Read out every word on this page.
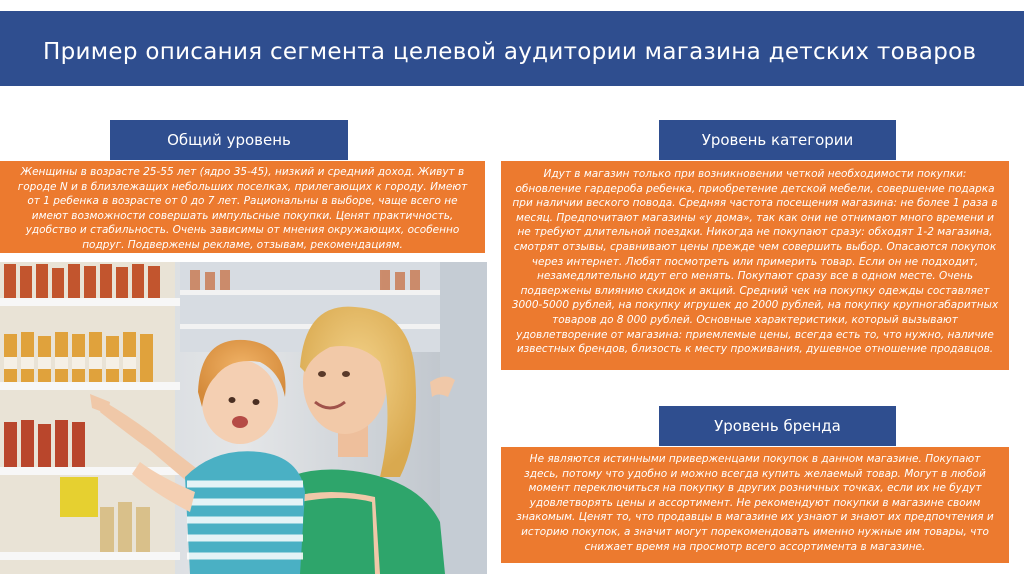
Пример описания сегмента целевой аудитории магазина детских товаров
Общий уровень
Женщины в возрасте 25-55 лет (ядро 35-45), низкий и средний доход. Живут в городе N и в близлежащих небольших поселках, прилегающих к городу. Имеют от 1 ребенка в возрасте от 0 до 7 лет. Рациональны в выборе, чаще всего не имеют возможности совершать импульсные покупки. Ценят практичность, удобство и стабильность. Очень зависимы от мнения окружающих, особенно подруг. Подвержены рекламе, отзывам, рекомендациям.
Уровень категории
Идут в магазин только при возникновении четкой необходимости покупки: обновление гардероба ребенка, приобретение детской мебели, совершение подарка при наличии веского повода. Средняя частота посещения магазина: не более 1 раза в месяц. Предпочитают магазины «у дома», так как они не отнимают много времени и не требуют длительной поездки. Никогда не покупают сразу: обходят 1-2 магазина, смотрят отзывы, сравнивают цены прежде чем совершить выбор. Опасаются покупок через интернет. Любят посмотреть или примерить товар. Если он не подходит, незамедлительно идут его менять. Покупают сразу все в одном месте. Очень подвержены влиянию скидок и акций. Средний чек на покупку одежды составляет 3000-5000 рублей, на покупку игрушек до 2000 рублей, на покупку крупногабаритных товаров до 8 000 рублей. Основные характеристики, который вызывают удовлетворение от магазина: приемлемые цены, всегда есть то, что нужно, наличие известных брендов, близость к месту проживания, душевное отношение продавцов.
Уровень бренда
Не являются истинными приверженцами покупок в данном магазине. Покупают здесь, потому что удобно и можно всегда купить желаемый товар. Могут в любой момент переключиться на покупку в других розничных точках, если их не будут удовлетворять цены и ассортимент. Не рекомендуют покупки в магазине своим знакомым. Ценят то, что продавцы в магазине их узнают и знают их предпочтения и историю покупок, а значит могут порекомендовать именно нужные им товары, что снижает время на просмотр всего ассортимента в магазине.
